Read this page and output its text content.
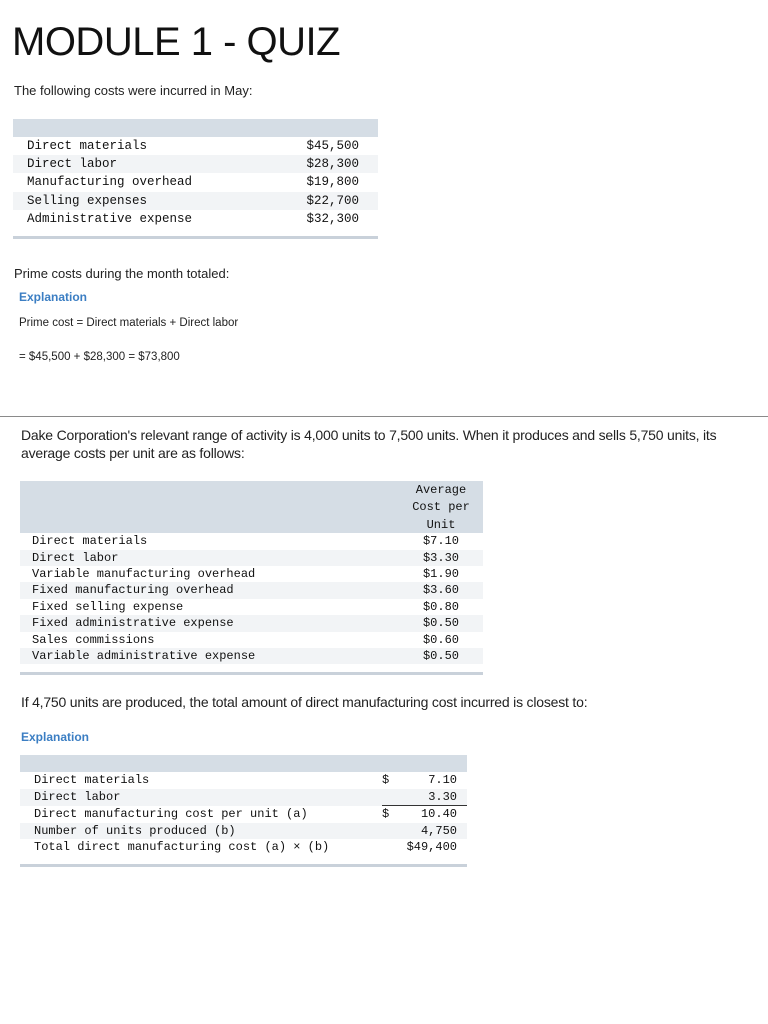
MODULE 1 - QUIZ

The following costs were incurred in May:

Direct materials	$45,500
Direct labor	$28,300
Manufacturing overhead	$19,800
Selling expenses	$22,700
Administrative expense	$32,300

Prime costs during the month totaled:

Explanation
Prime cost = Direct materials + Direct labor
= $45,500 + $28,300 = $73,800

Dake Corporation's relevant range of activity is 4,000 units to 7,500 units. When it produces and sells 5,750 units, its average costs per unit are as follows:

	Average
Cost per
Unit

Direct materials	$7.10
Direct labor	$3.30
Variable manufacturing overhead	$1.90
Fixed manufacturing overhead	$3.60
Fixed selling expense	$0.80
Fixed administrative expense	$0.50
Sales commissions	$0.60
Variable administrative expense	$0.50

If 4,750 units are produced, the total amount of direct manufacturing cost incurred is closest to:

Explanation

Direct materials	$	7.10
Direct labor		3.30
Direct manufacturing cost per unit (a)	$	10.40
Number of units produced (b)		4,750
Total direct manufacturing cost (a) × (b)		$49,400
